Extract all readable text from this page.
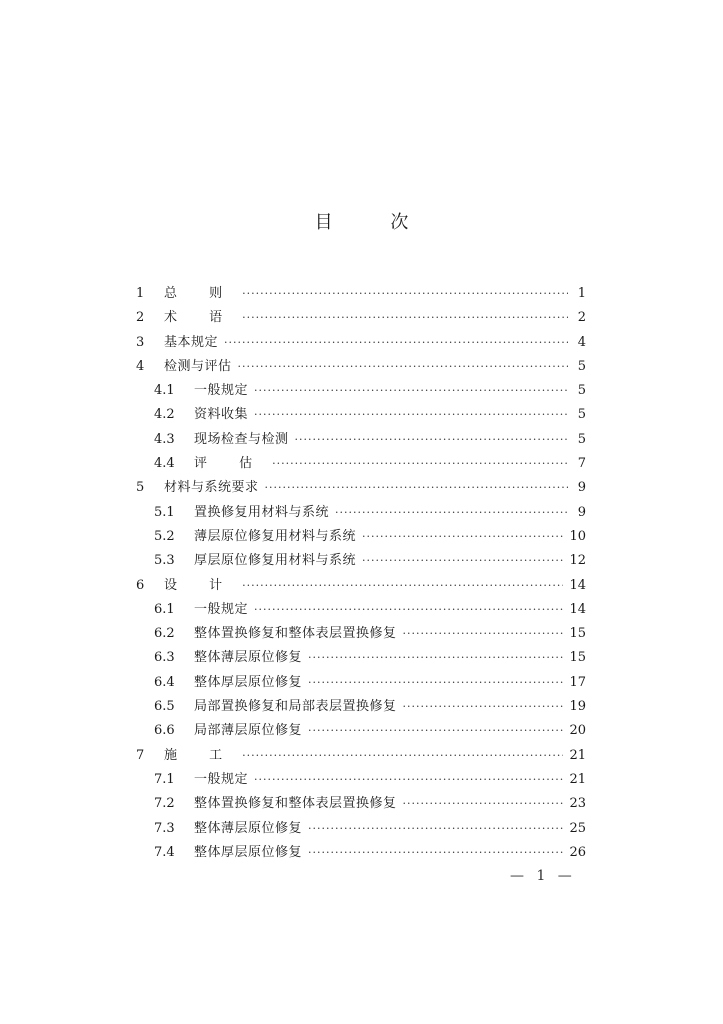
目 次
1	总 则 ·····	1
2	术 语 ·····	2
3	基本规定 ·····	4
4	检测与评估 ·····	5
4.1	一般规定 ·····	5
4.2	资料收集 ·····	5
4.3	现场检查与检测 ·····	5
4.4	评 估 ·····	7
5	材料与系统要求 ·····	9
5.1	置换修复用材料与系统 ·····	9
5.2	薄层原位修复用材料与系统 ·····	10
5.3	厚层原位修复用材料与系统 ·····	12
6	设 计 ·····	14
6.1	一般规定 ·····	14
6.2	整体置换修复和整体表层置换修复 ·····	15
6.3	整体薄层原位修复 ·····	15
6.4	整体厚层原位修复 ·····	17
6.5	局部置换修复和局部表层置换修复 ·····	19
6.6	局部薄层原位修复 ·····	20
7	施 工 ·····	21
7.1	一般规定 ·····	21
7.2	整体置换修复和整体表层置换修复 ·····	23
7.3	整体薄层原位修复 ·····	25
7.4	整体厚层原位修复 ·····	26
— 1 —
